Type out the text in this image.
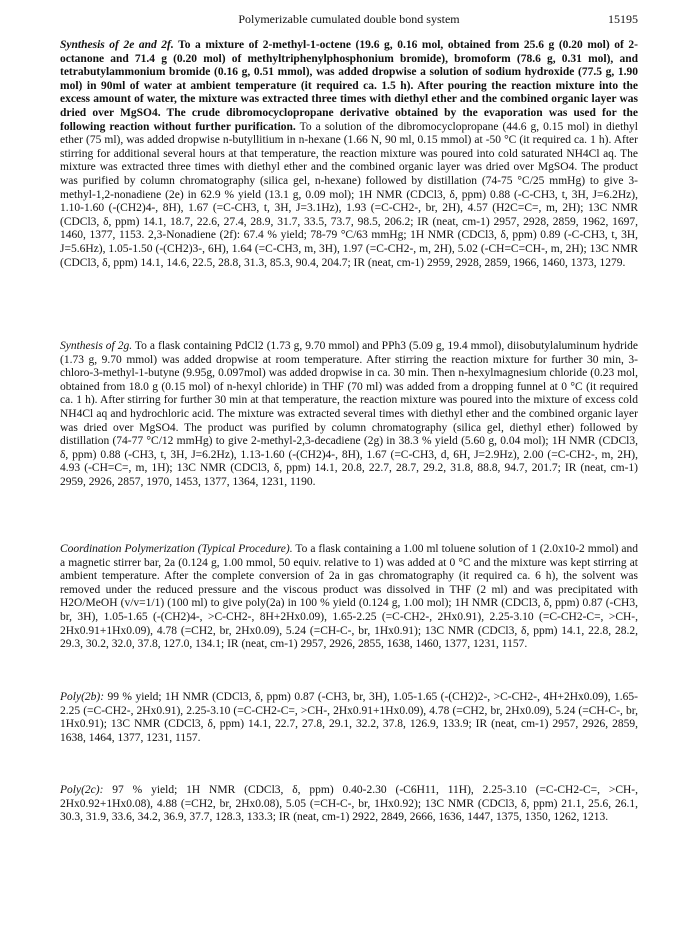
Polymerizable cumulated double bond system	15195

Synthesis of 2e and 2f. To a mixture of 2-methyl-1-octene (19.6 g, 0.16 mol, obtained from 25.6 g (0.20 mol) of 2-octanone and 71.4 g (0.20 mol) of methyltriphenylphosphonium bromide), bromoform (78.6 g, 0.31 mol), and tetrabutylammonium bromide (0.16 g, 0.51 mmol), was added dropwise a solution of sodium hydroxide (77.5 g, 1.90 mol) in 90ml of water at ambient temperature (it required ca. 1.5 h). After pouring the reaction mixture into the excess amount of water, the mixture was extracted three times with diethyl ether and the combined organic layer was dried over MgSO4. The crude dibromocyclopropane derivative obtained by the evaporation was used for the following reaction without further purification. To a solution of the dibromocyclopropane (44.6 g, 0.15 mol) in diethyl ether (75 ml), was added dropwise n-butyllitium in n-hexane (1.66 N, 90 ml, 0.15 mmol) at -50 °C (it required ca. 1 h). After stirring for additional several hours at that temperature, the reaction mixture was poured into cold saturated NH4Cl aq. The mixture was extracted three times with diethyl ether and the combined organic layer was dried over MgSO4. The product was purified by column chromatography (silica gel, n-hexane) followed by distillation (74-75 °C/25 mmHg) to give 3-methyl-1,2-nonadiene (2e) in 62.9 % yield (13.1 g, 0.09 mol); 1H NMR (CDCl3, δ, ppm) 0.88 (-C-CH3, t, 3H, J=6.2Hz), 1.10-1.60 (-(CH2)4-, 8H), 1.67 (=C-CH3, t, 3H, J=3.1Hz), 1.93 (=C-CH2-, br, 2H), 4.57 (H2C=C=, m, 2H); 13C NMR (CDCl3, δ, ppm) 14.1, 18.7, 22.6, 27.4, 28.9, 31.7, 33.5, 73.7, 98.5, 206.2; IR (neat, cm-1) 2957, 2928, 2859, 1962, 1697, 1460, 1377, 1153. 2,3-Nonadiene (2f): 67.4 % yield; 78-79 °C/63 mmHg; 1H NMR (CDCl3, δ, ppm) 0.89 (-C-CH3, t, 3H, J=5.6Hz), 1.05-1.50 (-(CH2)3-, 6H), 1.64 (=C-CH3, m, 3H), 1.97 (=C-CH2-, m, 2H), 5.02 (-CH=C=CH-, m, 2H); 13C NMR (CDCl3, δ, ppm) 14.1, 14.6, 22.5, 28.8, 31.3, 85.3, 90.4, 204.7; IR (neat, cm-1) 2959, 2928, 2859, 1966, 1460, 1373, 1279.

Synthesis of 2g. To a flask containing PdCl2 (1.73 g, 9.70 mmol) and PPh3 (5.09 g, 19.4 mmol), diisobutylaluminum hydride (1.73 g, 9.70 mmol) was added dropwise at room temperature. After stirring the reaction mixture for further 30 min, 3-chloro-3-methyl-1-butyne (9.95g, 0.097mol) was added dropwise in ca. 30 min. Then n-hexylmagnesium chloride (0.23 mol, obtained from 18.0 g (0.15 mol) of n-hexyl chloride) in THF (70 ml) was added from a dropping funnel at 0 °C (it required ca. 1 h). After stirring for further 30 min at that temperature, the reaction mixture was poured into the mixture of excess cold NH4Cl aq and hydrochloric acid. The mixture was extracted several times with diethyl ether and the combined organic layer was dried over MgSO4. The product was purified by column chromatography (silica gel, diethyl ether) followed by distillation (74-77 °C/12 mmHg) to give 2-methyl-2,3-decadiene (2g) in 38.3 % yield (5.60 g, 0.04 mol); 1H NMR (CDCl3, δ, ppm) 0.88 (-CH3, t, 3H, J=6.2Hz), 1.13-1.60 (-(CH2)4-, 8H), 1.67 (=C-CH3, d, 6H, J=2.9Hz), 2.00 (=C-CH2-, m, 2H), 4.93 (-CH=C=, m, 1H); 13C NMR (CDCl3, δ, ppm) 14.1, 20.8, 22.7, 28.7, 29.2, 31.8, 88.8, 94.7, 201.7; IR (neat, cm-1) 2959, 2926, 2857, 1970, 1453, 1377, 1364, 1231, 1190.

Coordination Polymerization (Typical Procedure). To a flask containing a 1.00 ml toluene solution of 1 (2.0x10-2 mmol) and a magnetic stirrer bar, 2a (0.124 g, 1.00 mmol, 50 equiv. relative to 1) was added at 0 °C and the mixture was kept stirring at ambient temperature. After the complete conversion of 2a in gas chromatography (it required ca. 6 h), the solvent was removed under the reduced pressure and the viscous product was dissolved in THF (2 ml) and was precipitated with H2O/MeOH (v/v=1/1) (100 ml) to give poly(2a) in 100 % yield (0.124 g, 1.00 mol); 1H NMR (CDCl3, δ, ppm) 0.87 (-CH3, br, 3H), 1.05-1.65 (-(CH2)4-, >C-CH2-, 8H+2Hx0.09), 1.65-2.25 (=C-CH2-, 2Hx0.91), 2.25-3.10 (=C-CH2-C=, >CH-, 2Hx0.91+1Hx0.09), 4.78 (=CH2, br, 2Hx0.09), 5.24 (=CH-C-, br, 1Hx0.91); 13C NMR (CDCl3, δ, ppm) 14.1, 22.8, 28.2, 29.3, 30.2, 32.0, 37.8, 127.0, 134.1; IR (neat, cm-1) 2957, 2926, 2855, 1638, 1460, 1377, 1231, 1157.

Poly(2b): 99 % yield; 1H NMR (CDCl3, δ, ppm) 0.87 (-CH3, br, 3H), 1.05-1.65 (-(CH2)2-, >C-CH2-, 4H+2Hx0.09), 1.65-2.25 (=C-CH2-, 2Hx0.91), 2.25-3.10 (=C-CH2-C=, >CH-, 2Hx0.91+1Hx0.09), 4.78 (=CH2, br, 2Hx0.09), 5.24 (=CH-C-, br, 1Hx0.91); 13C NMR (CDCl3, δ, ppm) 14.1, 22.7, 27.8, 29.1, 32.2, 37.8, 126.9, 133.9; IR (neat, cm-1) 2957, 2926, 2859, 1638, 1464, 1377, 1231, 1157.

Poly(2c): 97 % yield; 1H NMR (CDCl3, δ, ppm) 0.40-2.30 (-C6H11, 11H), 2.25-3.10 (=C-CH2-C=, >CH-, 2Hx0.92+1Hx0.08), 4.88 (=CH2, br, 2Hx0.08), 5.05 (=CH-C-, br, 1Hx0.92); 13C NMR (CDCl3, δ, ppm) 21.1, 25.6, 26.1, 30.3, 31.9, 33.6, 34.2, 36.9, 37.7, 128.3, 133.3; IR (neat, cm-1) 2922, 2849, 2666, 1636, 1447, 1375, 1350, 1262, 1213.
